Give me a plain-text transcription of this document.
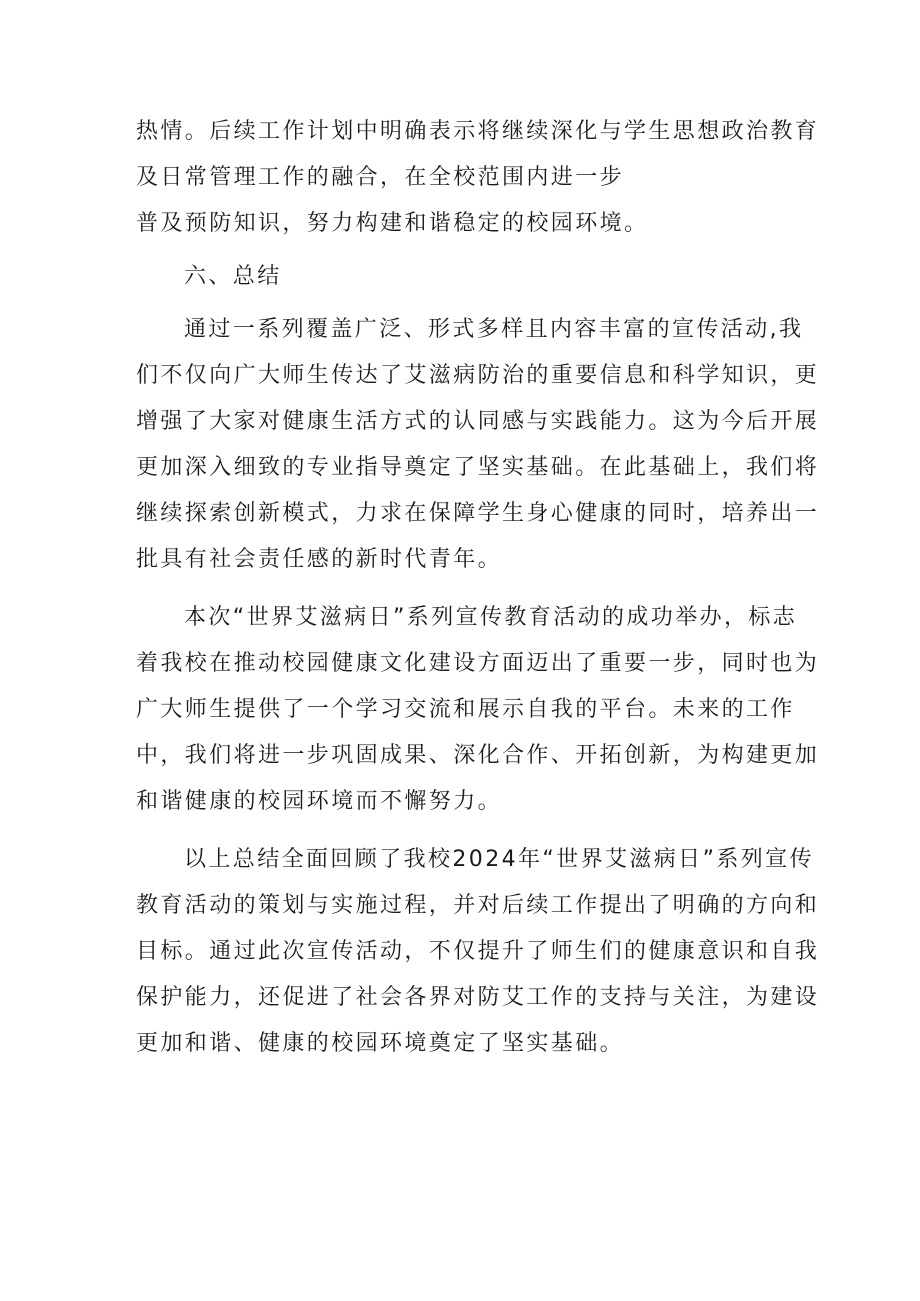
热情。后续工作计划中明确表示将继续深化与学生思想政治教育
及日常管理工作的融合，在全校范围内进一步
普及预防知识，努力构建和谐稳定的校园环境。
六、总结
通过一系列覆盖广泛、形式多样且内容丰富的宣传活动,我
们不仅向广大师生传达了艾滋病防治的重要信息和科学知识，更
增强了大家对健康生活方式的认同感与实践能力。这为今后开展
更加深入细致的专业指导奠定了坚实基础。在此基础上，我们将
继续探索创新模式，力求在保障学生身心健康的同时，培养出一
批具有社会责任感的新时代青年。
本次“世界艾滋病日”系列宣传教育活动的成功举办，标志
着我校在推动校园健康文化建设方面迈出了重要一步，同时也为
广大师生提供了一个学习交流和展示自我的平台。未来的工作
中，我们将进一步巩固成果、深化合作、开拓创新，为构建更加
和谐健康的校园环境而不懈努力。
以上总结全面回顾了我校2024年“世界艾滋病日”系列宣传
教育活动的策划与实施过程，并对后续工作提出了明确的方向和
目标。通过此次宣传活动，不仅提升了师生们的健康意识和自我
保护能力，还促进了社会各界对防艾工作的支持与关注，为建设
更加和谐、健康的校园环境奠定了坚实基础。
